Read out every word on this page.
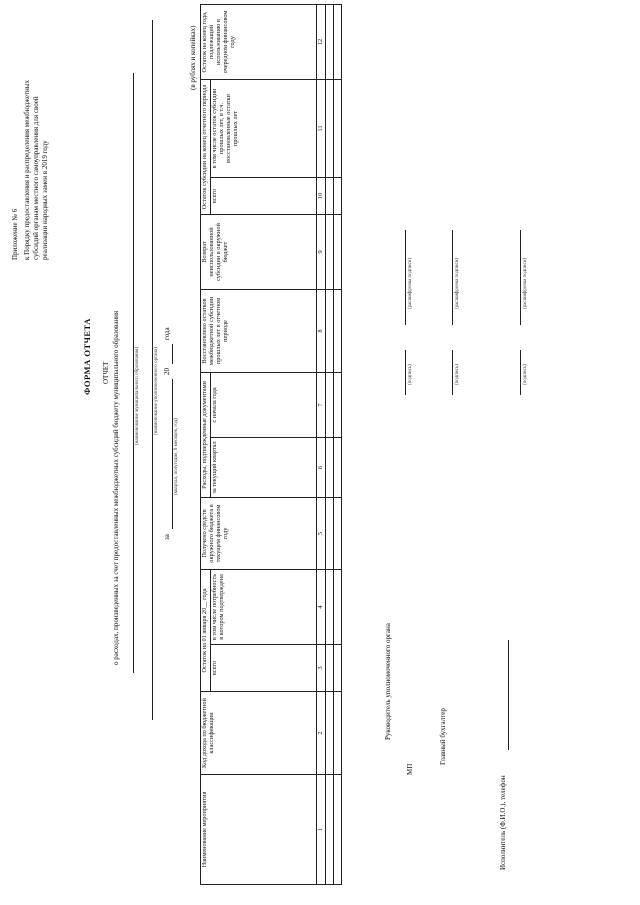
Приложение № 6 к Порядку предоставления и распределения межбюджетных субсидий органам местного самоуправления для своей реализации народных замен в 2019 году
ФОРМА ОТЧЕТА ОТЧЕТ о расходах, произведенных за счет предоставленных межбюджетных субсидий бюджету муниципального образования	(наименование муниципального образования)	(наименование уполномоченного органа)
за
20
года
(квартал, полугодие, 9 месяцев, год)
(в рублях и копейках)
Наименование мероприятия	Код дохода по бюджетной классификации	Остаток на 01 января 20__ года		Получено средств окружного бюджета в текущем финансовом году	Расходы, подтвержденные документами		Восстановлено остатков межбюджетной субсидии прошлых лет в отчетном периоде	Возврат неиспользованной субсидии в окружной бюджет	Остаток субсидии на конец отчетного периода		Остаток на конец года, подлежащий использованию в очередном финансовом году
		всего	в том числе потребность в котором подтверждена		за текущий квартал	с начала года			всего	в том числе остаток субсидии прошлых лет, в т.ч. восстановленные остатки прошлых лет	
1	2	3	4	5	6	7	8	9	10	11	12

Руководитель уполномоченного органа
МП
(подпись)
(расшифровка подписи)
Главный бухгалтер
(подпись)
(расшифровка подписи)
Исполнитель (Ф.И.О.), телефон
(подпись)
(расшифровка подписи)
